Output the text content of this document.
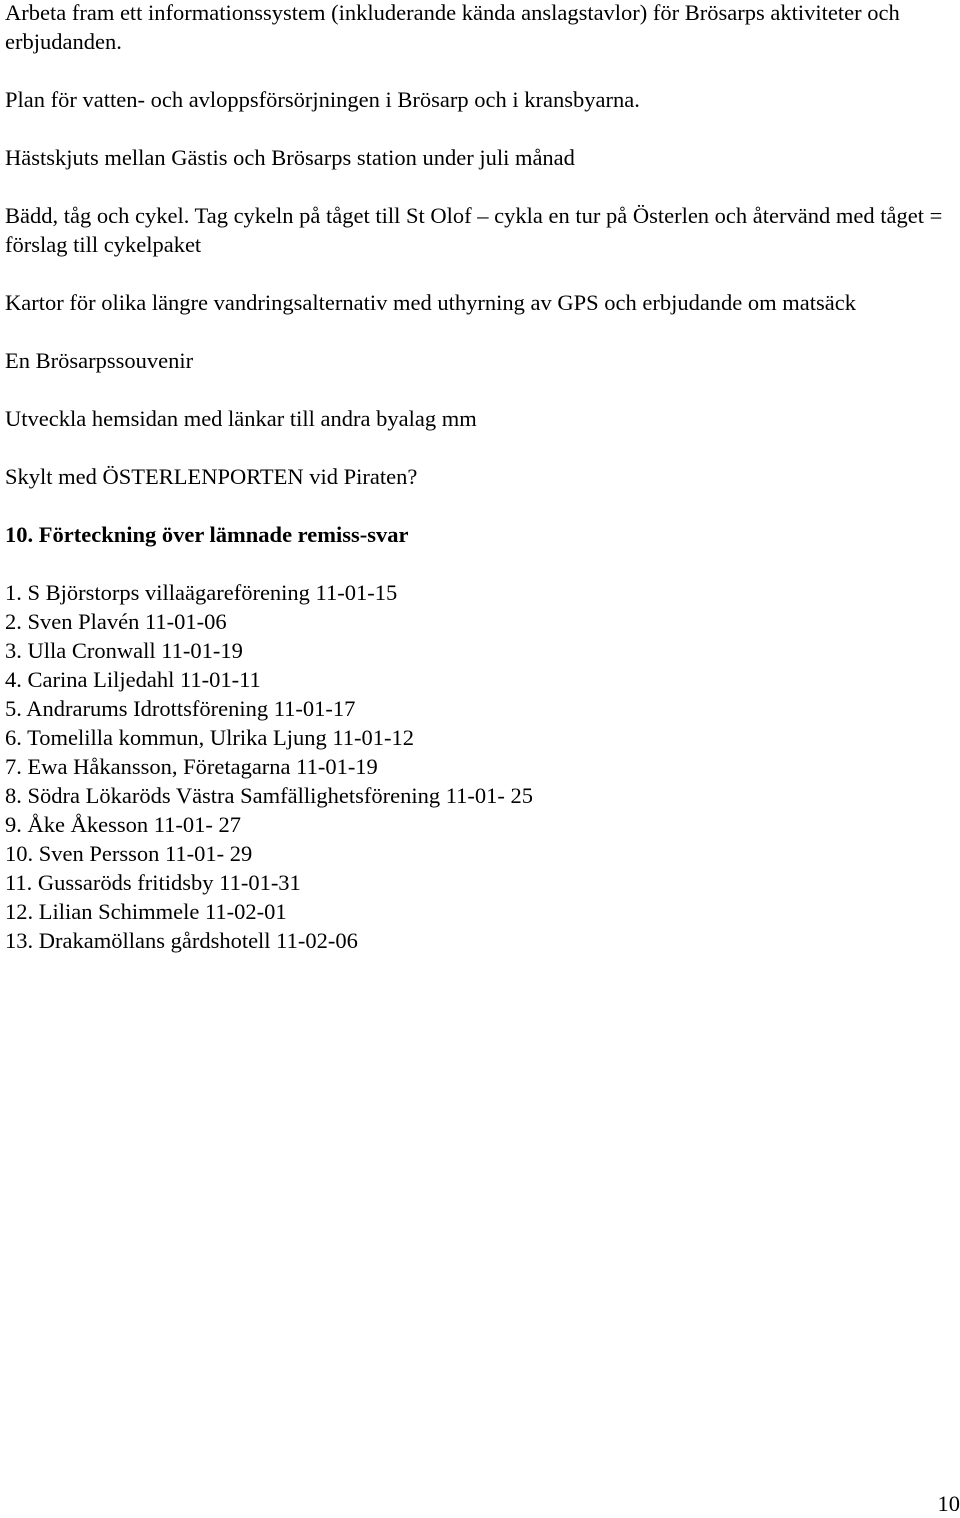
Arbeta fram ett informationssystem (inkluderande kända anslagstavlor) för Brösarps aktiviteter och erbjudanden.

Plan för vatten- och avloppsförsörjningen i Brösarp och i kransbyarna.

Hästskjuts mellan Gästis och Brösarps station under juli månad

Bädd, tåg och cykel. Tag cykeln på tåget till St Olof – cykla en tur på Österlen och återvänd med tåget = förslag till cykelpaket

Kartor för olika längre vandringsalternativ med uthyrning av GPS och erbjudande om matsäck

En Brösarpssouvenir

Utveckla hemsidan med länkar till andra byalag mm

Skylt med ÖSTERLENPORTEN vid Piraten?

10. Förteckning över lämnade remiss-svar

1. S Björstorps villaägareförening 11-01-15
2. Sven Plavén 11-01-06
3. Ulla Cronwall 11-01-19
4. Carina Liljedahl 11-01-11
5. Andrarums Idrottsförening 11-01-17
6. Tomelilla kommun, Ulrika Ljung 11-01-12
7. Ewa Håkansson, Företagarna 11-01-19
8. Södra Lökaröds Västra Samfällighetsförening 11-01- 25
9. Åke Åkesson 11-01- 27
10. Sven Persson 11-01- 29
11. Gussaröds fritidsby 11-01-31
12. Lilian Schimmele 11-02-01
13. Drakamöllans gårdshotell 11-02-06
10
